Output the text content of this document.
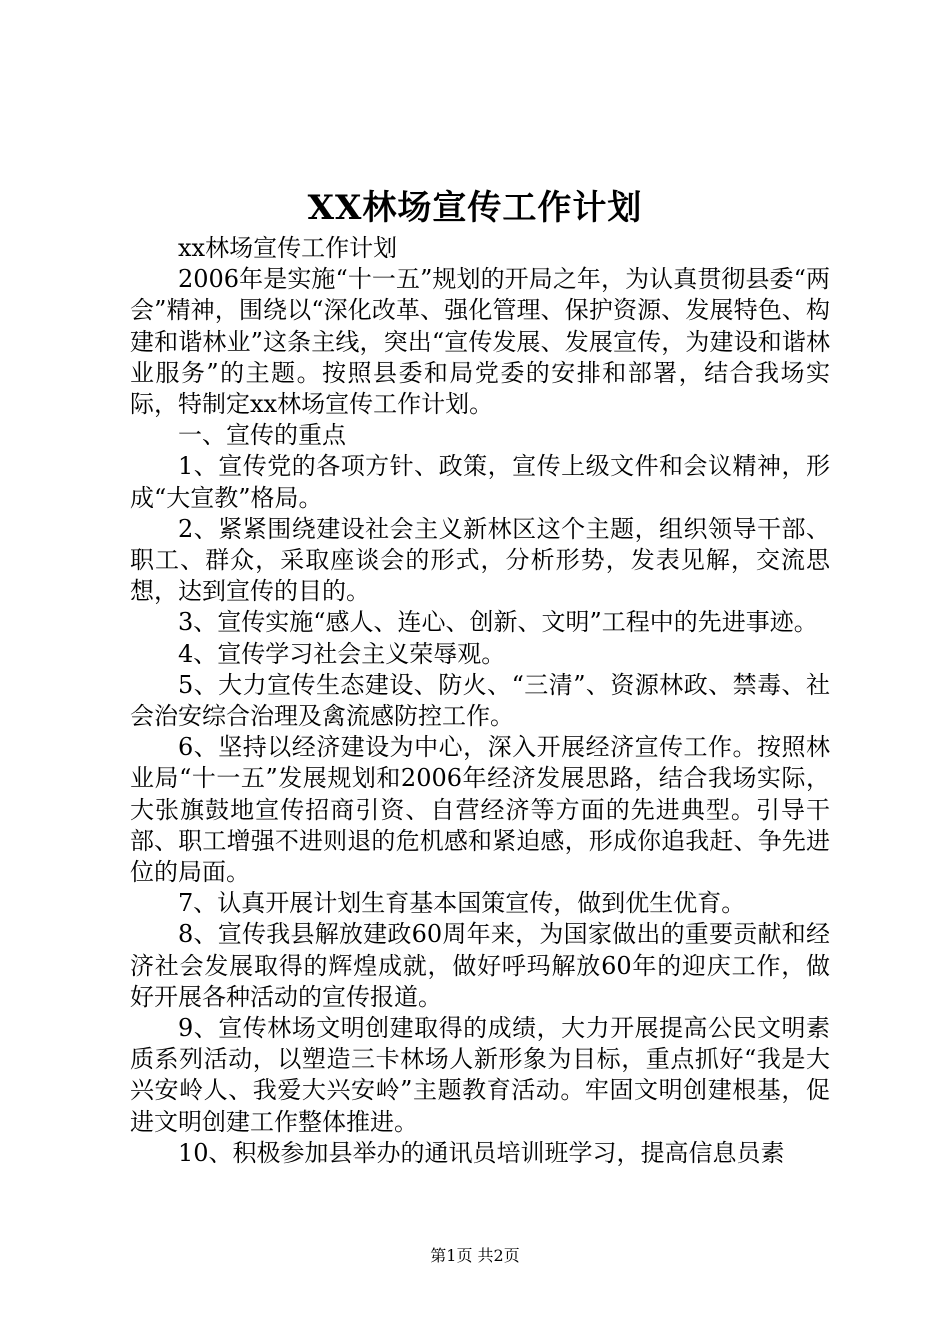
XX林场宣传工作计划

xx林场宣传工作计划

2006年是实施“十一五”规划的开局之年，为认真贯彻县委“两会”精神，围绕以“深化改革、强化管理、保护资源、发展特色、构建和谐林业”这条主线，突出“宣传发展、发展宣传，为建设和谐林业服务”的主题。按照县委和局党委的安排和部署，结合我场实际，特制定xx林场宣传工作计划。

一、宣传的重点

1、宣传党的各项方针、政策，宣传上级文件和会议精神，形成“大宣教”格局。

2、紧紧围绕建设社会主义新林区这个主题，组织领导干部、职工、群众，采取座谈会的形式，分析形势，发表见解，交流思想，达到宣传的目的。

3、宣传实施“感人、连心、创新、文明”工程中的先进事迹。

4、宣传学习社会主义荣辱观。

5、大力宣传生态建设、防火、“三清”、资源林政、禁毒、社会治安综合治理及禽流感防控工作。

6、坚持以经济建设为中心，深入开展经济宣传工作。按照林业局“十一五”发展规划和2006年经济发展思路，结合我场实际，大张旗鼓地宣传招商引资、自营经济等方面的先进典型。引导干部、职工增强不进则退的危机感和紧迫感，形成你追我赶、争先进位的局面。

7、认真开展计划生育基本国策宣传，做到优生优育。

8、宣传我县解放建政60周年来，为国家做出的重要贡献和经济社会发展取得的辉煌成就，做好呼玛解放60年的迎庆工作，做好开展各种活动的宣传报道。

9、宣传林场文明创建取得的成绩，大力开展提高公民文明素质系列活动，以塑造三卡林场人新形象为目标，重点抓好“我是大兴安岭人、我爱大兴安岭”主题教育活动。牢固文明创建根基，促进文明创建工作整体推进。

10、积极参加县举办的通讯员培训班学习，提高信息员素

第1页 共2页
